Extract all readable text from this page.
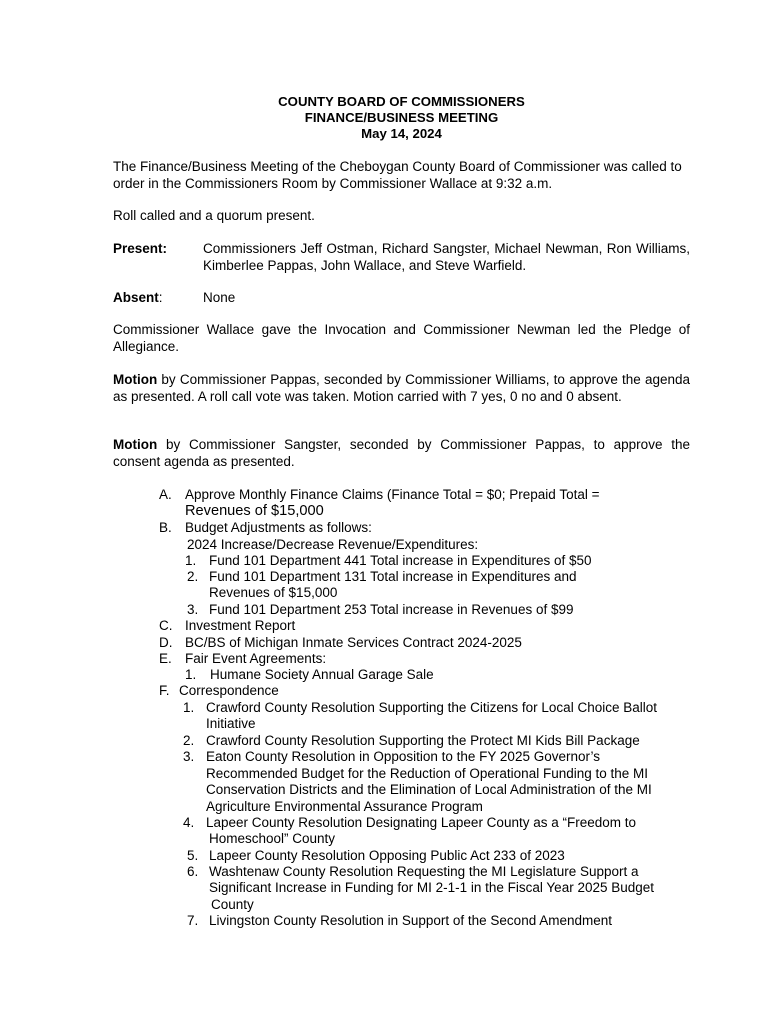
COUNTY BOARD OF COMMISSIONERS
FINANCE/BUSINESS MEETING
May 14, 2024

The Finance/Business Meeting of the Cheboygan County Board of Commissioner was called to order in the Commissioners Room by Commissioner Wallace at 9:32 a.m.

Roll called and a quorum present.

Present:	Commissioners Jeff Ostman, Richard Sangster, Michael Newman, Ron Williams, Kimberlee Pappas, John Wallace, and Steve Warfield.
Absent:	None

Commissioner Wallace gave the Invocation and Commissioner Newman led the Pledge of Allegiance.

Motion by Commissioner Pappas, seconded by Commissioner Williams, to approve the agenda as presented. A roll call vote was taken. Motion carried with 7 yes, 0 no and 0 absent.

Motion by Commissioner Sangster, seconded by Commissioner Pappas, to approve the consent agenda as presented.

A. Approve Monthly Finance Claims (Finance Total = $0; Prepaid Total =
Revenues of $15,000
B. Budget Adjustments as follows:
2024 Increase/Decrease Revenue/Expenditures:
1. Fund 101 Department 441 Total increase in Expenditures of $50
2. Fund 101 Department 131 Total increase in Expenditures and
Revenues of $15,000
3. Fund 101 Department 253 Total increase in Revenues of $99
C. Investment Report
D. BC/BS of Michigan Inmate Services Contract 2024-2025
E. Fair Event Agreements:
1. Humane Society Annual Garage Sale
F. Correspondence
1. Crawford County Resolution Supporting the Citizens for Local Choice Ballot
Initiative
2. Crawford County Resolution Supporting the Protect MI Kids Bill Package
3. Eaton County Resolution in Opposition to the FY 2025 Governor’s
Recommended Budget for the Reduction of Operational Funding to the MI
Conservation Districts and the Elimination of Local Administration of the MI
Agriculture Environmental Assurance Program
4. Lapeer County Resolution Designating Lapeer County as a “Freedom to
Homeschool” County
5. Lapeer County Resolution Opposing Public Act 233 of 2023
6. Washtenaw County Resolution Requesting the MI Legislature Support a
Significant Increase in Funding for MI 2-1-1 in the Fiscal Year 2025 Budget
County
7. Livingston County Resolution in Support of the Second Amendment
